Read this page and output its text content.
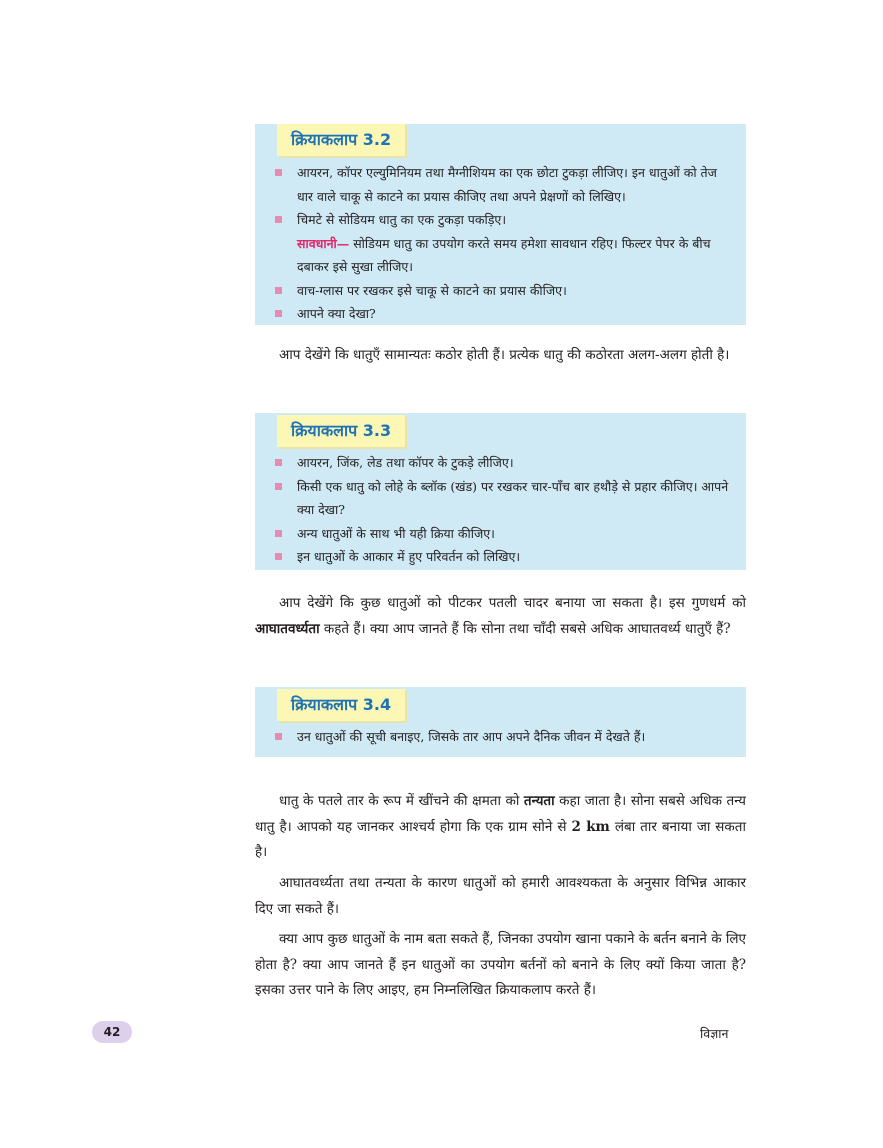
क्रियाकलाप 3.2
आयरन, कॉपर एल्युमिनियम तथा मैग्नीशियम का एक छोटा टुकड़ा लीजिए। इन धातुओं को तेज धार वाले चाकू से काटने का प्रयास कीजिए तथा अपने प्रेक्षणों को लिखिए।
चिमटे से सोडियम धातु का एक टुकड़ा पकड़िए।
सावधानी— सोडियम धातु का उपयोग करते समय हमेशा सावधान रहिए। फिल्टर पेपर के बीच दबाकर इसे सुखा लीजिए।
वाच-ग्लास पर रखकर इसे चाकू से काटने का प्रयास कीजिए।
आपने क्या देखा?

आप देखेंगे कि धातुएँ सामान्यतः कठोर होती हैं। प्रत्येक धातु की कठोरता अलग-अलग होती है।

क्रियाकलाप 3.3
आयरन, जिंक, लेड तथा कॉपर के टुकड़े लीजिए।
किसी एक धातु को लोहे के ब्लॉक (खंड) पर रखकर चार-पाँच बार हथौड़े से प्रहार कीजिए। आपने क्या देखा?
अन्य धातुओं के साथ भी यही क्रिया कीजिए।
इन धातुओं के आकार में हुए परिवर्तन को लिखिए।

आप देखेंगे कि कुछ धातुओं को पीटकर पतली चादर बनाया जा सकता है। इस गुणधर्म को आघातवर्ध्यता कहते हैं। क्या आप जानते हैं कि सोना तथा चाँदी सबसे अधिक आघातवर्ध्य धातुएँ हैं?

क्रियाकलाप 3.4
उन धातुओं की सूची बनाइए, जिसके तार आप अपने दैनिक जीवन में देखते हैं।

धातु के पतले तार के रूप में खींचने की क्षमता को तन्यता कहा जाता है। सोना सबसे अधिक तन्य धातु है। आपको यह जानकर आश्चर्य होगा कि एक ग्राम सोने से 2 km लंबा तार बनाया जा सकता है।

आघातवर्ध्यता तथा तन्यता के कारण धातुओं को हमारी आवश्यकता के अनुसार विभिन्न आकार दिए जा सकते हैं।

क्या आप कुछ धातुओं के नाम बता सकते हैं, जिनका उपयोग खाना पकाने के बर्तन बनाने के लिए होता है? क्या आप जानते हैं इन धातुओं का उपयोग बर्तनों को बनाने के लिए क्यों किया जाता है? इसका उत्तर पाने के लिए आइए, हम निम्नलिखित क्रियाकलाप करते हैं।

42	विज्ञान
